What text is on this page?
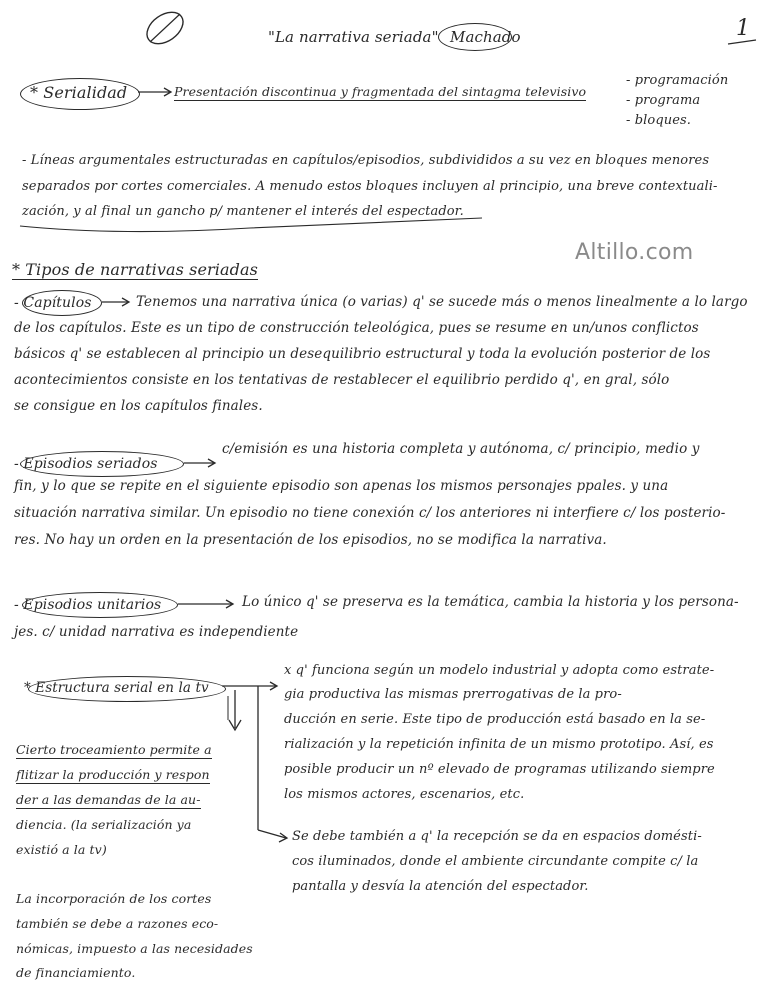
"La narrativa seriada" Machado	1
Altillo.com
* Serialidad	Presentación discontinua y fragmentada del sintagma televisivo
- programación
- programa
- bloques.
- Líneas argumentales estructuradas en capítulos/episodios, subdivididos a su vez en bloques menores
separados por cortes comerciales. A menudo estos bloques incluyen al principio, una breve contextuali-
zación, y al final un gancho p/ mantener el interés del espectador.
* Tipos de narrativas seriadas
- Capítulos	Tenemos una narrativa única (o varias) q' se sucede más o menos linealmente a lo largo
de los capítulos. Este es un tipo de construcción teleológica, pues se resume en un/unos conflictos
básicos q' se establecen al principio un desequilibrio estructural y toda la evolución posterior de los
acontecimientos consiste en los tentativas de restablecer el equilibrio perdido q', en gral, sólo
se consigue en los capítulos finales.
- Episodios seriados
c/emisión es una historia completa y autónoma, c/ principio, medio y
fin, y lo que se repite en el siguiente episodio son apenas los mismos personajes ppales. y una
situación narrativa similar. Un episodio no tiene conexión c/ los anteriores ni interfiere c/ los posterio-
res. No hay un orden en la presentación de los episodios, no se modifica la narrativa.
- Episodios unitarios	Lo único q' se preserva es la temática, cambia la historia y los persona-
jes. c/ unidad narrativa es independiente
* Estructura serial en la tv
x q' funciona según un modelo industrial y adopta como estrate-
gia productiva las mismas prerrogativas de la pro-
ducción en serie. Este tipo de producción está basado en la se-
rialización y la repetición infinita de un mismo prototipo. Así, es
posible producir un nº elevado de programas utilizando siempre
los mismos actores, escenarios, etc.
Se debe también a q' la recepción se da en espacios domésti-
cos iluminados, donde el ambiente circundante compite c/ la
pantalla y desvía la atención del espectador.
Cierto troceamiento permite a
flitizar la producción y respon
der a las demandas de la au-
diencia. (la serialización ya
existió a la tv)
La incorporación de los cortes
también se debe a razones eco-
nómicas, impuesto a las necesidades
de financiamiento.
